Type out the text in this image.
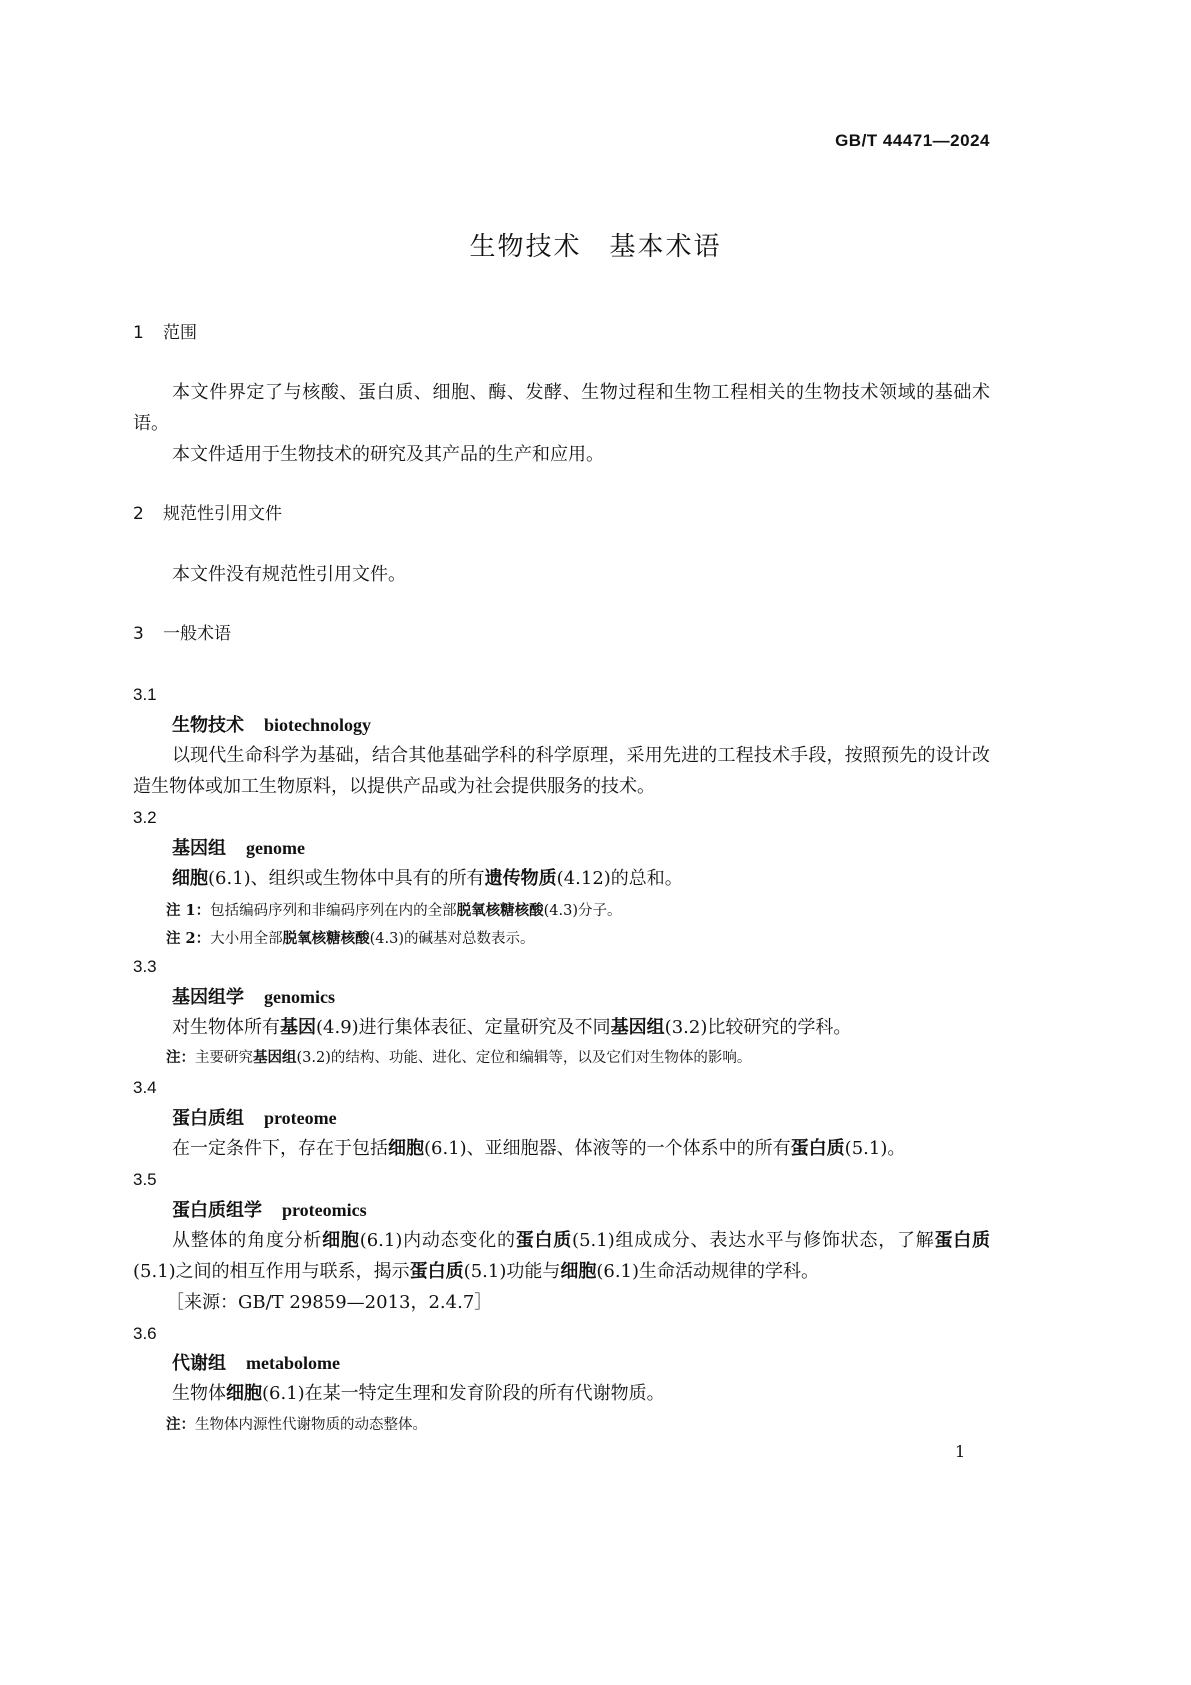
GB/T 44471—2024
生物技术　基本术语
1 范围
本文件界定了与核酸、蛋白质、细胞、酶、发酵、生物过程和生物工程相关的生物技术领域的基础术语。
本文件适用于生物技术的研究及其产品的生产和应用。
2 规范性引用文件
本文件没有规范性引用文件。
3 一般术语
3.1
生物技术 biotechnology
以现代生命科学为基础，结合其他基础学科的科学原理，采用先进的工程技术手段，按照预先的设计改造生物体或加工生物原料，以提供产品或为社会提供服务的技术。
3.2
基因组 genome
细胞(6.1)、组织或生物体中具有的所有遗传物质(4.12)的总和。
注 1：包括编码序列和非编码序列在内的全部脱氧核糖核酸(4.3)分子。
注 2：大小用全部脱氧核糖核酸(4.3)的碱基对总数表示。
3.3
基因组学 genomics
对生物体所有基因(4.9)进行集体表征、定量研究及不同基因组(3.2)比较研究的学科。
注：主要研究基因组(3.2)的结构、功能、进化、定位和编辑等，以及它们对生物体的影响。
3.4
蛋白质组 proteome
在一定条件下，存在于包括细胞(6.1)、亚细胞器、体液等的一个体系中的所有蛋白质(5.1)。
3.5
蛋白质组学 proteomics
从整体的角度分析细胞(6.1)内动态变化的蛋白质(5.1)组成成分、表达水平与修饰状态，了解蛋白质(5.1)之间的相互作用与联系，揭示蛋白质(5.1)功能与细胞(6.1)生命活动规律的学科。
［来源：GB/T 29859—2013，2.4.7］
3.6
代谢组 metabolome
生物体细胞(6.1)在某一特定生理和发育阶段的所有代谢物质。
注：生物体内源性代谢物质的动态整体。
1
